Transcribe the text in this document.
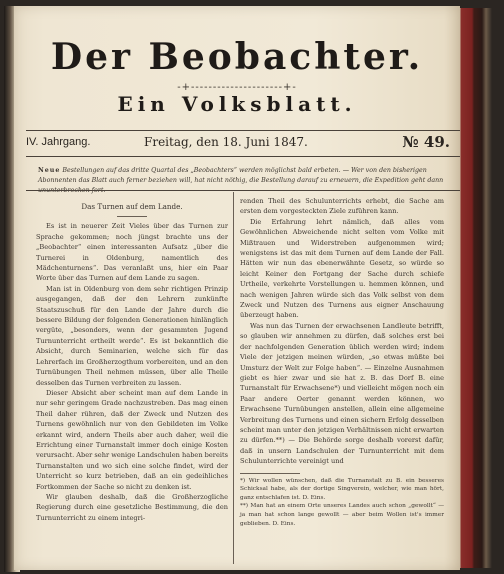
Der Beobachter.
-+---------------------+-
Ein Volksblatt.
IV. Jahrgang.	Freitag, den 18. Juni 1847.	№ 49.
Neue Bestellungen auf das dritte Quartal des „Beobachters“ werden möglichst bald erbeten. — Wer von den bisherigen Abonnenten das Blatt auch ferner beziehen will, hat nicht nöthig, die Bestellung darauf zu erneuern, die Expedition geht dann ununterbrochen fort.

Das Turnen auf dem Lande.

Es ist in neuerer Zeit Vieles über das Turnen zur Sprache gekommen; noch jüngst brachte uns der „Beobachter“ einen interessanten Aufsatz „über die Turnerei in Oldenburg, namentlich des Mädchenturnens“. Das veranlaßt uns, hier ein Paar Worte über das Turnen auf dem Lande zu sagen.

Man ist in Oldenburg von dem sehr richtigen Prinzip ausgegangen, daß der den Lehrern zunkünfte Staatszuschuß für den Lande der Jahre durch die bessere Bildung der folgenden Generationen hinlänglich vergüte, „besonders, wenn der gesammten Jugend Turnunterricht ertheilt werde“. Es ist bekanntlich die Absicht, durch Seminarien, welche sich für das Lehrerfach im Großherzogthum vorbereiten, und an den Turnübungen Theil nehmen müssen, über alle Theile desselben das Turnen verbreiten zu lassen.

Dieser Absicht aber scheint man auf dem Lande in nur sehr geringem Grade nachzustreben. Das mag einen Theil daher rühren, daß der Zweck und Nutzen des Turnens gewöhnlich nur von den Gebildeten im Volke erkannt wird, andern Theils aber auch daher, weil die Errichtung einer Turnanstalt immer doch einige Kosten verursacht. Aber sehr wenige Landschulen haben bereits Turnanstalten und wo sich eine solche findet, wird der Unterricht so kurz betrieben, daß an ein gedeihliches Fortkommen der Sache so nicht zu denken ist.

Wir glauben deshalb, daß die Großherzogliche Regierung durch eine gesetzliche Bestimmung, die den Turnunterricht zu einem integri-

renden Theil des Schulunterrichts erhebt, die Sache am ersten dem vorgesteckten Ziele zuführen kann.

Die Erfahrung lehrt nämlich, daß alles vom Gewöhnlichen Abweichende nicht selten vom Volke mit Mißtrauen und Widerstreben aufgenommen wird; wenigstens ist das mit dem Turnen auf dem Lande der Fall. Hätten wir nun das ebenerwähnte Gesetz, so würde so leicht Keiner den Fortgang der Sache durch schiefe Urtheile, verkehrte Vorstellungen u. hemmen können, und nach wenigen Jahren würde sich das Volk selbst von dem Zweck und Nutzen des Turnens aus eigner Anschauung überzeugt haben.

Was nun das Turnen der erwachsenen Landleute betrifft, so glauben wir annehmen zu dürfen, daß solches erst bei der nachfolgenden Generation üblich werden wird; indem Viele der jetzigen meinen würden, „so etwas müßte bei Umsturz der Welt zur Folge haben“. — Einzelne Ausnahmen giebt es hier zwar und sie hat z. B. das Dorf B. eine Turnanstalt für Erwachsene*) und vielleicht mögen noch ein Paar andere Oerter genannt werden können, wo Erwachsene Turnübungen anstellen, allein eine allgemeine Verbreitung des Turnens und einen sichern Erfolg desselben scheint man unter den jetzigen Verhältnissen nicht erwarten zu dürfen.**) — Die Behörde sorge deshalb vorerst dafür, daß in unsern Landschulen der Turnunterricht mit dem Schulunterrichte vereinigt und

*) Wir wollen wünschen, daß die Turnanstalt zu B. ein besseres Schicksal habe, als der dortige Singverein, welcher, wie man hört, ganz entschlafen ist. D. Eins.

**) Man hat an einem Orte unseres Landes auch schon „gewollt“ — ja man hat schon lange gewollt — aber beim Wollen ist's immer geblieben. D. Eins.
